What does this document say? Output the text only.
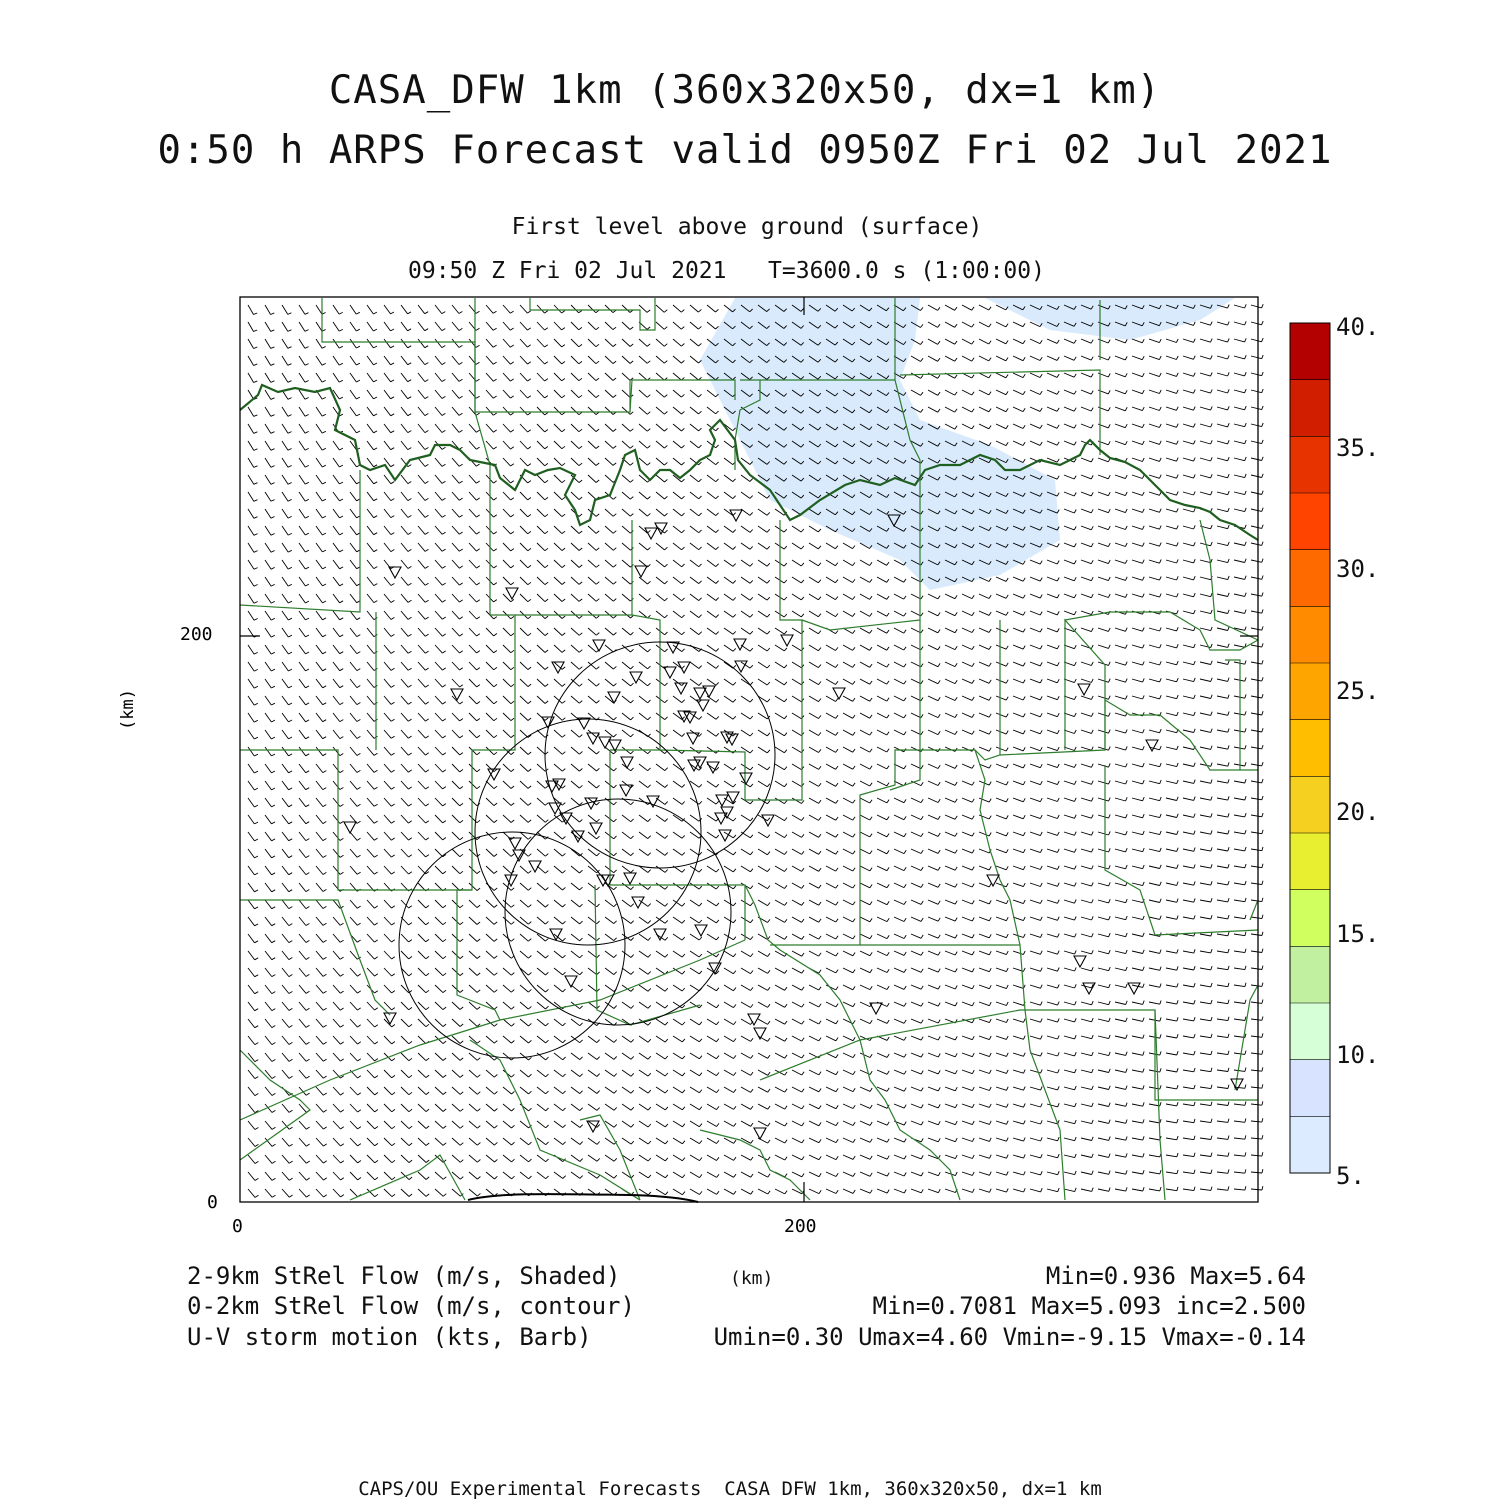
CASA_DFW 1km (360x320x50, dx=1 km)
0:50 h ARPS Forecast valid 0950Z Fri 02 Jul 2021
First level above ground (surface)
09:50 Z Fri 02 Jul 2021   T=3600.0 s (1:00:00)
(km)
200
0
0	200
40.
35.
30.
25.
20.
15.
10.
5.
2-9km StRel Flow (m/s, Shaded)	(km)	Min=0.936 Max=5.64
0-2km StRel Flow (m/s, contour)	Min=0.7081 Max=5.093 inc=2.500
U-V storm motion (kts, Barb)	Umin=0.30 Umax=4.60 Vmin=-9.15 Vmax=-0.14
CAPS/OU Experimental Forecasts  CASA DFW 1km, 360x320x50, dx=1 km
